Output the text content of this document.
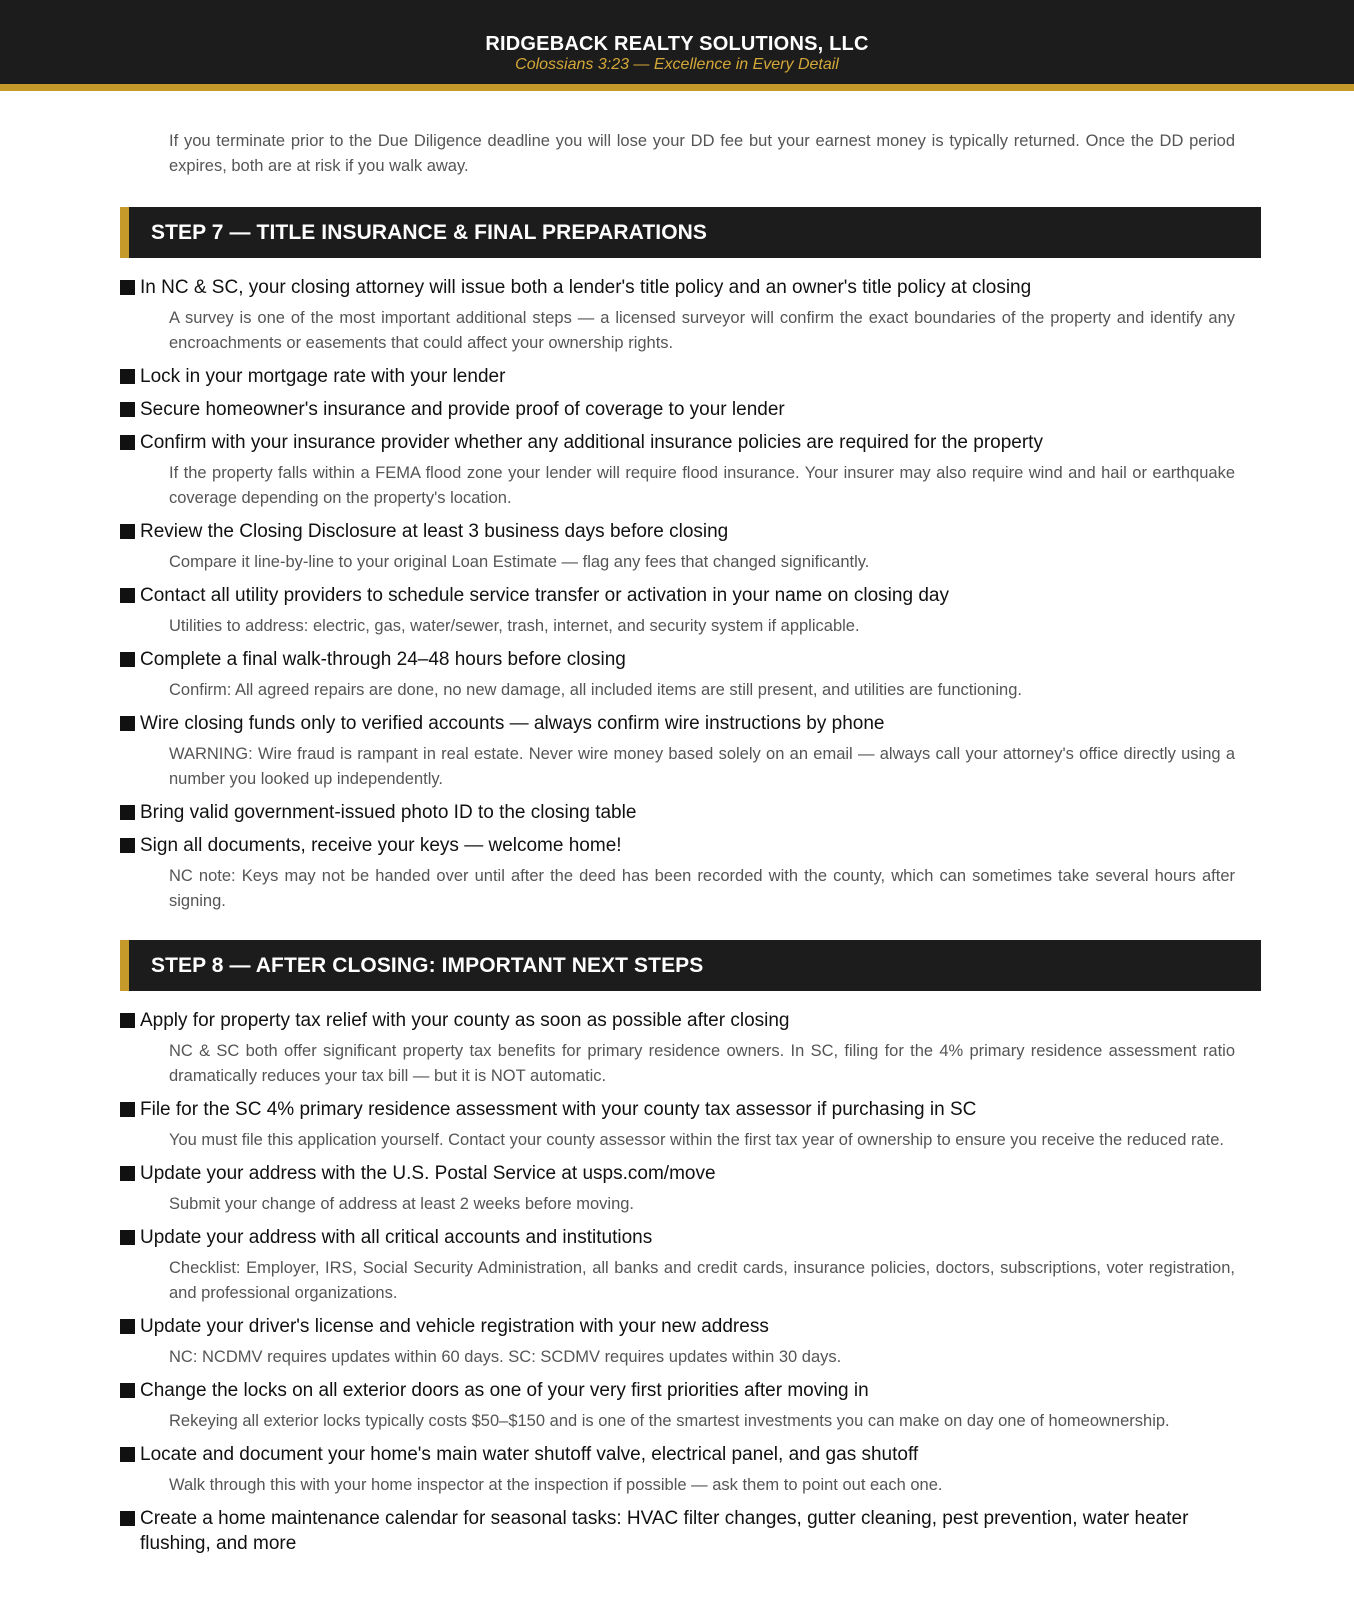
RIDGEBACK REALTY SOLUTIONS, LLC
Colossians 3:23 — Excellence in Every Detail

If you terminate prior to the Due Diligence deadline you will lose your DD fee but your earnest money is typically returned. Once the DD period expires, both are at risk if you walk away.

STEP 7 — TITLE INSURANCE & FINAL PREPARATIONS
In NC & SC, your closing attorney will issue both a lender's title policy and an owner's title policy at closing

A survey is one of the most important additional steps — a licensed surveyor will confirm the exact boundaries of the property and identify any encroachments or easements that could affect your ownership rights.

Lock in your mortgage rate with your lender
Secure homeowner's insurance and provide proof of coverage to your lender
Confirm with your insurance provider whether any additional insurance policies are required for the property

If the property falls within a FEMA flood zone your lender will require flood insurance. Your insurer may also require wind and hail or earthquake coverage depending on the property's location.

Review the Closing Disclosure at least 3 business days before closing

Compare it line-by-line to your original Loan Estimate — flag any fees that changed significantly.

Contact all utility providers to schedule service transfer or activation in your name on closing day

Utilities to address: electric, gas, water/sewer, trash, internet, and security system if applicable.

Complete a final walk-through 24–48 hours before closing

Confirm: All agreed repairs are done, no new damage, all included items are still present, and utilities are functioning.

Wire closing funds only to verified accounts — always confirm wire instructions by phone

WARNING: Wire fraud is rampant in real estate. Never wire money based solely on an email — always call your attorney's office directly using a number you looked up independently.

Bring valid government-issued photo ID to the closing table
Sign all documents, receive your keys — welcome home!

NC note: Keys may not be handed over until after the deed has been recorded with the county, which can sometimes take several hours after signing.

STEP 8 — AFTER CLOSING: IMPORTANT NEXT STEPS
Apply for property tax relief with your county as soon as possible after closing

NC & SC both offer significant property tax benefits for primary residence owners. In SC, filing for the 4% primary residence assessment ratio dramatically reduces your tax bill — but it is NOT automatic.

File for the SC 4% primary residence assessment with your county tax assessor if purchasing in SC

You must file this application yourself. Contact your county assessor within the first tax year of ownership to ensure you receive the reduced rate.

Update your address with the U.S. Postal Service at usps.com/move

Submit your change of address at least 2 weeks before moving.

Update your address with all critical accounts and institutions

Checklist: Employer, IRS, Social Security Administration, all banks and credit cards, insurance policies, doctors, subscriptions, voter registration, and professional organizations.

Update your driver's license and vehicle registration with your new address

NC: NCDMV requires updates within 60 days. SC: SCDMV requires updates within 30 days.

Change the locks on all exterior doors as one of your very first priorities after moving in

Rekeying all exterior locks typically costs $50–$150 and is one of the smartest investments you can make on day one of homeownership.

Locate and document your home's main water shutoff valve, electrical panel, and gas shutoff

Walk through this with your home inspector at the inspection if possible — ask them to point out each one.

Create a home maintenance calendar for seasonal tasks: HVAC filter changes, gutter cleaning, pest prevention, water heater flushing, and more
